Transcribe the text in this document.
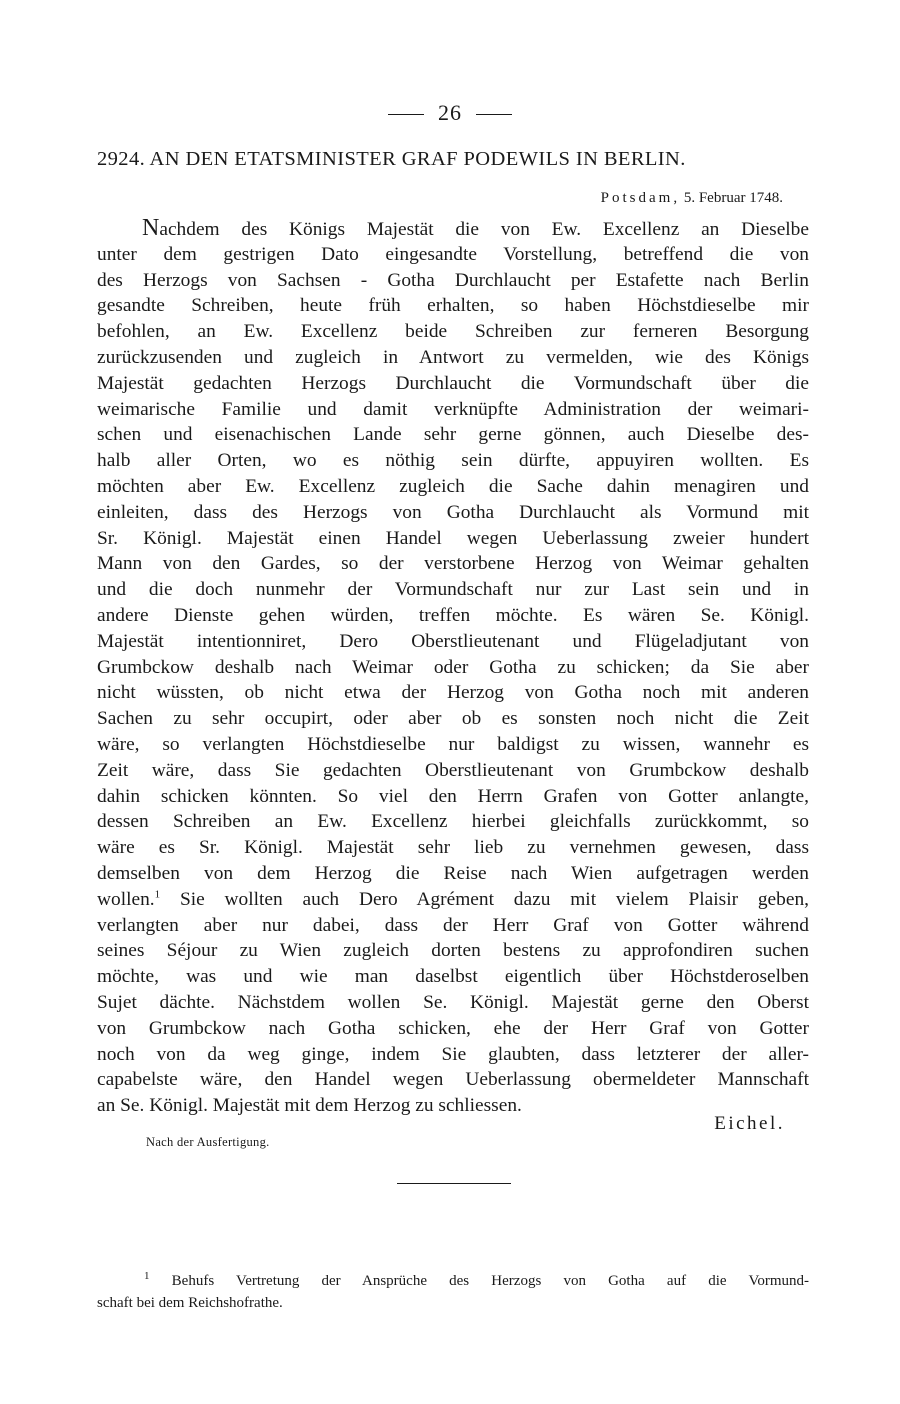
26
2924. AN DEN ETATSMINISTER GRAF PODEWILS IN BERLIN.
Potsdam, 5. Februar 1748.
Nachdem des Königs Majestät die von Ew. Excellenz an Dieselbe
unter dem gestrigen Dato eingesandte Vorstellung, betreffend die von
des Herzogs von Sachsen - Gotha Durchlaucht per Estafette nach Berlin
gesandte Schreiben, heute früh erhalten, so haben Höchstdieselbe mir
befohlen, an Ew. Excellenz beide Schreiben zur ferneren Besorgung
zurückzusenden und zugleich in Antwort zu vermelden, wie des Königs
Majestät gedachten Herzogs Durchlaucht die Vormundschaft über die
weimarische Familie und damit verknüpfte Administration der weimari-
schen und eisenachischen Lande sehr gerne gönnen, auch Dieselbe des-
halb aller Orten, wo es nöthig sein dürfte, appuyiren wollten. Es
möchten aber Ew. Excellenz zugleich die Sache dahin menagiren und
einleiten, dass des Herzogs von Gotha Durchlaucht als Vormund mit
Sr. Königl. Majestät einen Handel wegen Ueberlassung zweier hundert
Mann von den Gardes, so der verstorbene Herzog von Weimar gehalten
und die doch nunmehr der Vormundschaft nur zur Last sein und in
andere Dienste gehen würden, treffen möchte. Es wären Se. Königl.
Majestät intentionniret, Dero Oberstlieutenant und Flügeladjutant von
Grumbckow deshalb nach Weimar oder Gotha zu schicken; da Sie aber
nicht wüssten, ob nicht etwa der Herzog von Gotha noch mit anderen
Sachen zu sehr occupirt, oder aber ob es sonsten noch nicht die Zeit
wäre, so verlangten Höchstdieselbe nur baldigst zu wissen, wannehr es
Zeit wäre, dass Sie gedachten Oberstlieutenant von Grumbckow deshalb
dahin schicken könnten. So viel den Herrn Grafen von Gotter anlangte,
dessen Schreiben an Ew. Excellenz hierbei gleichfalls zurückkommt, so
wäre es Sr. Königl. Majestät sehr lieb zu vernehmen gewesen, dass
demselben von dem Herzog die Reise nach Wien aufgetragen werden
wollen.$^1$ Sie wollten auch Dero Agrément dazu mit vielem Plaisir geben,
verlangten aber nur dabei, dass der Herr Graf von Gotter während
seines Séjour zu Wien zugleich dorten bestens zu approfondiren suchen
möchte, was und wie man daselbst eigentlich über Höchstderoselben
Sujet dächte. Nächstdem wollen Se. Königl. Majestät gerne den Oberst
von Grumbckow nach Gotha schicken, ehe der Herr Graf von Gotter
noch von da weg ginge, indem Sie glaubten, dass letzterer der aller-
capabelste wäre, den Handel wegen Ueberlassung obermeldeter Mannschaft
an Se. Königl. Majestät mit dem Herzog zu schliessen.
Eichel.
Nach der Ausfertigung.
$^1$ Behufs Vertretung der Ansprüche des Herzogs von Gotha auf die Vormund-
schaft bei dem Reichshofrathe.
